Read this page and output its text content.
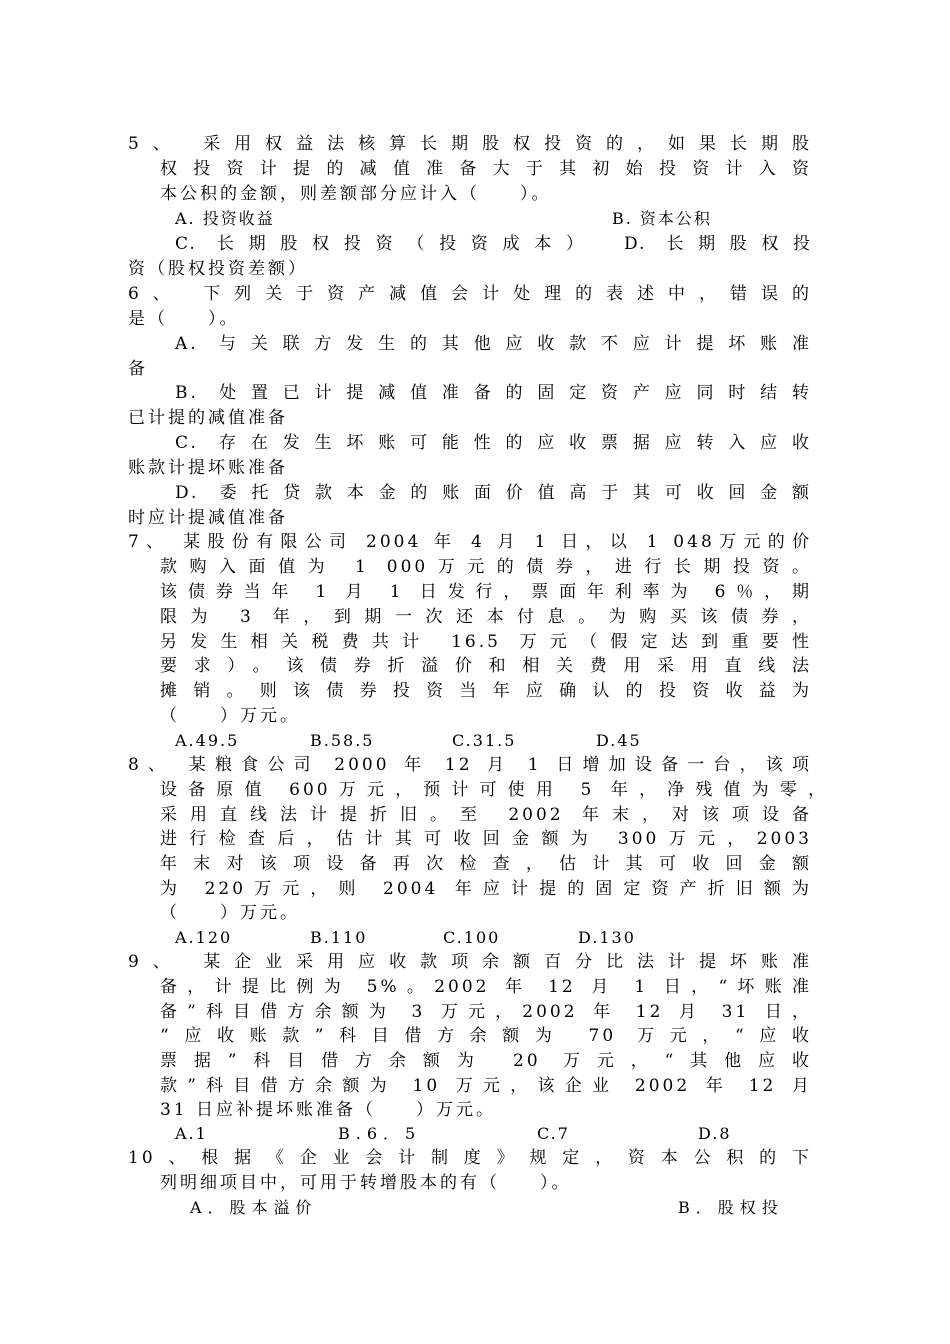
5、 采用权益法核算长期股权投资的，如果长期股
权投资计提的减值准备大于其初始投资计入资
本公积的金额，则差额部分应计入（　　）。
A. 投资收益	B. 资本公积
C. 长期股权投资（投资成本） D. 长期股权投
资（股权投资差额）
6、 下列关于资产减值会计处理的表述中，错误的
是（　　）。
A. 与关联方发生的其他应收款不应计提坏账准
备
B. 处置已计提减值准备的固定资产应同时结转
已计提的减值准备
C. 存在发生坏账可能性的应收票据应转入应收
账款计提坏账准备
D. 委托贷款本金的账面价值高于其可收回金额
时应计提减值准备
7、 某股份有限公司 2004 年 4 月 1 日，以 1 048万元的价
款购入面值为 1 000万元的债券，进行长期投资。
该债券当年 1 月 1 日发行，票面年利率为 6％，期
限为 3 年，到期一次还本付息。为购买该债券，
另发生相关税费共计 16.5 万元（假定达到重要性
要求）。该债券折溢价和相关费用采用直线法
摊销。则该债券投资当年应确认的投资收益为
（　　）万元。
A.49.5	B.58.5	C.31.5	D.45
8、 某粮食公司 2000 年 12 月 1 日增加设备一台，该项
设备原值 600万元，预计可使用 5 年，净残值为零，
采用直线法计提折旧。至 2002 年末，对该项设备
进行检查后，估计其可收回金额为 300万元，2003
年末对该项设备再次检查，估计其可收回金额
为 220万元，则 2004 年应计提的固定资产折旧额为
（　　）万元。
A.120	B.110	C.100	D.130
9、 某企业采用应收款项余额百分比法计提坏账准
备，计提比例为 5%。2002 年 12 月 1 日，“坏账准
备”科目借方余额为 3 万元，2002 年 12 月 31 日，
“应收账款”科目借方余额为 70 万元，“应收
票据”科目借方余额为 20 万元，“其他应收
款”科目借方余额为 10 万元，该企业 2002 年 12 月
31 日应补提坏账准备（　　）万元。
A.1	B.6．5	C.7	D.8
10、根据《企业会计制度》规定，资本公积的下
列明细项目中，可用于转增股本的有（　　）。
A．股本溢价	B．股权投
